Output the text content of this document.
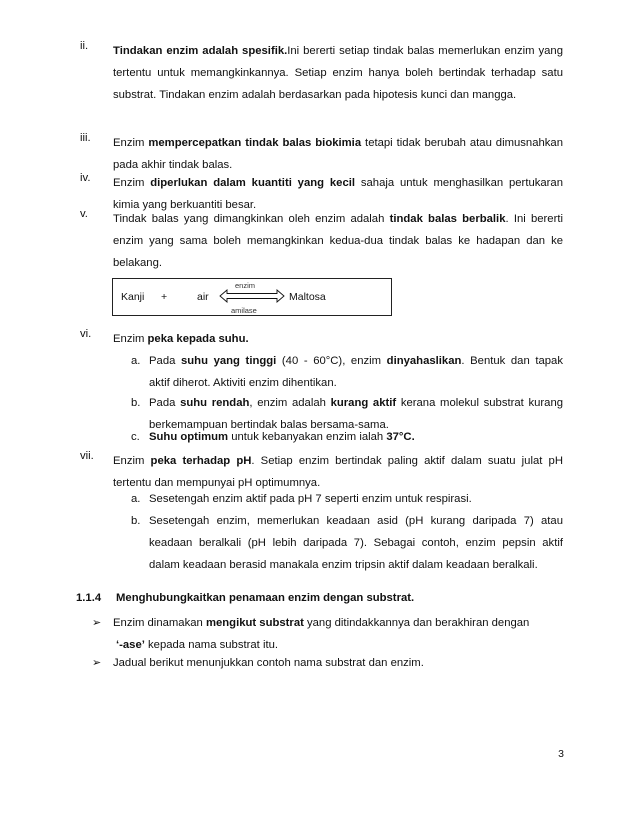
ii.	Tindakan enzim adalah spesifik.Ini bererti setiap tindak balas memerlukan enzim yang
tertentu untuk memangkinkannya. Setiap enzim hanya boleh bertindak terhadap satu
substrat. Tindakan enzim adalah berdasarkan pada hipotesis kunci dan mangga.
iii.	Enzim mempercepatkan tindak balas biokimia tetapi tidak berubah atau dimusnahkan
pada akhir tindak balas.
iv.	Enzim diperlukan dalam kuantiti yang kecil sahaja untuk menghasilkan pertukaran
kimia yang berkuantiti besar.
v.	Tindak balas yang dimangkinkan oleh enzim adalah tindak balas berbalik. Ini bererti
enzim yang sama boleh memangkinkan kedua-dua tindak balas ke hadapan dan ke
belakang.
Kanji +	air
enzim
amilase
Maltosa
vi.	Enzim peka kepada suhu.
a. Pada suhu yang tinggi (40 - 60°C), enzim dinyahaslikan. Bentuk dan tapak
aktif diherot. Aktiviti enzim dihentikan.
b. Pada suhu rendah, enzim adalah kurang aktif kerana molekul substrat kurang
berkemampuan bertindak balas bersama-sama.
c. Suhu optimum untuk kebanyakan enzim ialah 37°C.
vii.	Enzim peka terhadap pH. Setiap enzim bertindak paling aktif dalam suatu julat pH
tertentu dan mempunyai pH optimumnya.
a. Sesetengah enzim aktif pada pH 7 seperti enzim untuk respirasi.
b. Sesetengah enzim, memerlukan keadaan asid (pH kurang daripada 7) atau
keadaan beralkali (pH lebih daripada 7). Sebagai contoh, enzim pepsin aktif
dalam keadaan berasid manakala enzim tripsin aktif dalam keadaan beralkali.
1.1.4 Menghubungkaitkan penamaan enzim dengan substrat.
➢ Enzim dinamakan mengikut substrat yang ditindakkannya dan berakhiran dengan
‘-ase’ kepada nama substrat itu.
➢ Jadual berikut menunjukkan contoh nama substrat dan enzim.
3
